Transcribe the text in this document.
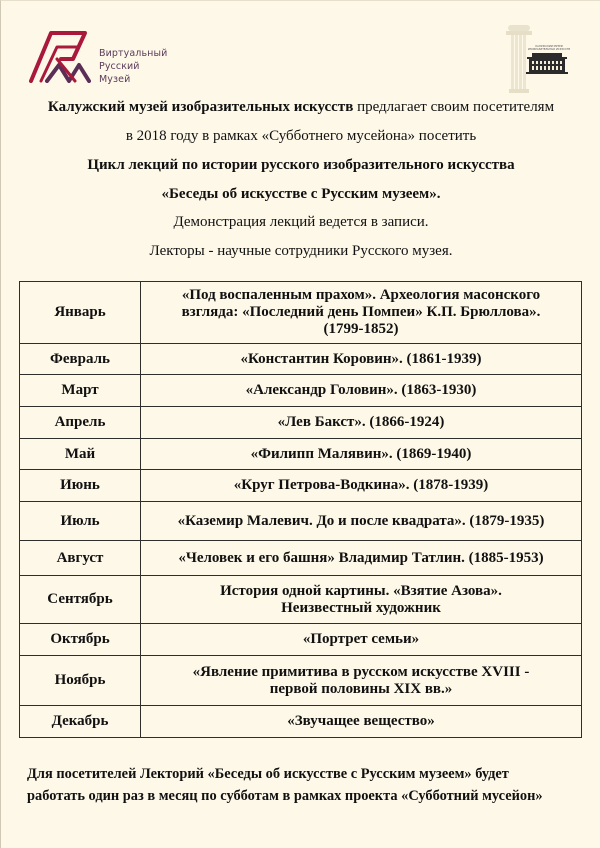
Виртуальный
Русский
Музей
КАЛУЖСКИЙ МУЗЕЙ
ИЗОБРАЗИТЕЛЬНЫХ ИСКУССТВ
Калужский музей изобразительных искусств предлагает своим посетителям
в 2018 году в рамках «Субботнего мусейона» посетить
Цикл лекций по истории русского изобразительного искусства
«Беседы об искусстве с Русским музеем».
Демонстрация лекций ведется в записи.
Лекторы - научные сотрудники Русского музея.
Январь	«Под воспаленным прахом». Археология масонского
взгляда: «Последний день Помпеи» К.П. Брюллова».
(1799-1852)

Февраль	«Константин Коровин». (1861-1939)

Март	«Александр Головин». (1863-1930)

Апрель	«Лев Бакст». (1866-1924)

Май	«Филипп Малявин». (1869-1940)

Июнь	«Круг Петрова-Водкина». (1878-1939)

Июль	«Каземир Малевич. До и после квадрата». (1879-1935)

Август	«Человек и его башня» Владимир Татлин. (1885-1953)

Сентябрь	История одной картины. «Взятие Азова».
Неизвестный художник

Октябрь	«Портрет семьи»

Ноябрь	«Явление примитива в русском искусстве XVIII -
первой половины XIX вв.»

Декабрь	«Звучащее вещество»
Для посетителей Лекторий «Беседы об искусстве с Русским музеем» будет
работать один раз в месяц по субботам в рамках проекта «Субботний мусейон»
